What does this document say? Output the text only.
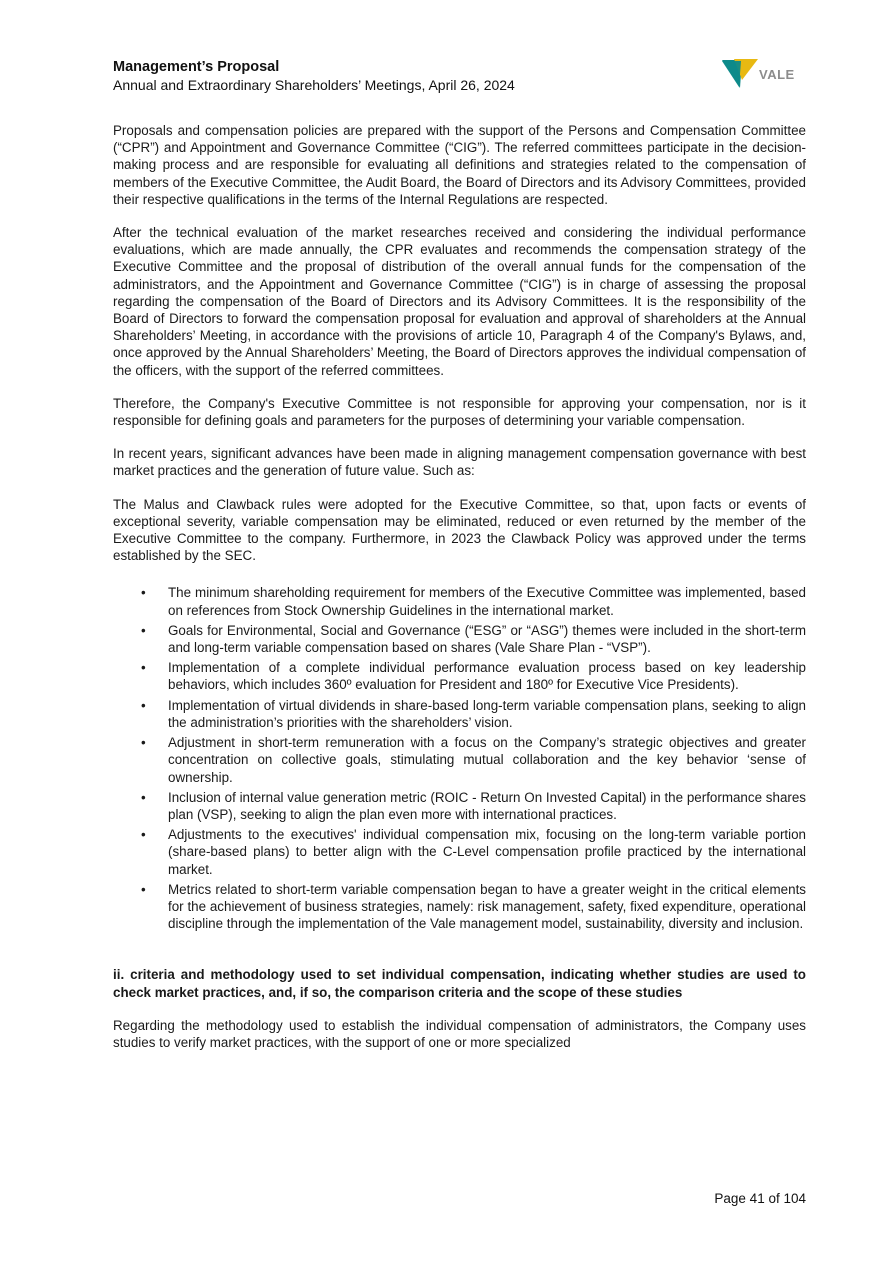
Management’s Proposal
Annual and Extraordinary Shareholders’ Meetings, April 26, 2024
VALE

Proposals and compensation policies are prepared with the support of the Persons and Compensation Committee (“CPR”) and Appointment and Governance Committee (“CIG”). The referred committees participate in the decision-making process and are responsible for evaluating all definitions and strategies related to the compensation of members of the Executive Committee, the Audit Board, the Board of Directors and its Advisory Committees, provided their respective qualifications in the terms of the Internal Regulations are respected.

After the technical evaluation of the market researches received and considering the individual performance evaluations, which are made annually, the CPR evaluates and recommends the compensation strategy of the Executive Committee and the proposal of distribution of the overall annual funds for the compensation of the administrators, and the Appointment and Governance Committee (“CIG”) is in charge of assessing the proposal regarding the compensation of the Board of Directors and its Advisory Committees. It is the responsibility of the Board of Directors to forward the compensation proposal for evaluation and approval of shareholders at the Annual Shareholders’ Meeting, in accordance with the provisions of article 10, Paragraph 4 of the Company's Bylaws, and, once approved by the Annual Shareholders’ Meeting, the Board of Directors approves the individual compensation of the officers, with the support of the referred committees.

Therefore, the Company's Executive Committee is not responsible for approving your compensation, nor is it responsible for defining goals and parameters for the purposes of determining your variable compensation.

In recent years, significant advances have been made in aligning management compensation governance with best market practices and the generation of future value. Such as:

The Malus and Clawback rules were adopted for the Executive Committee, so that, upon facts or events of exceptional severity, variable compensation may be eliminated, reduced or even returned by the member of the Executive Committee to the company. Furthermore, in 2023 the Clawback Policy was approved under the terms established by the SEC.

• The minimum shareholding requirement for members of the Executive Committee was implemented, based on references from Stock Ownership Guidelines in the international market.
• Goals for Environmental, Social and Governance (“ESG” or “ASG”) themes were included in the short-term and long-term variable compensation based on shares (Vale Share Plan - “VSP”).
• Implementation of a complete individual performance evaluation process based on key leadership behaviors, which includes 360º evaluation for President and 180º for Executive Vice Presidents).
• Implementation of virtual dividends in share-based long-term variable compensation plans, seeking to align the administration’s priorities with the shareholders’ vision.
• Adjustment in short-term remuneration with a focus on the Company’s strategic objectives and greater concentration on collective goals, stimulating mutual collaboration and the key behavior ‘sense of ownership.
• Inclusion of internal value generation metric (ROIC - Return On Invested Capital) in the performance shares plan (VSP), seeking to align the plan even more with international practices.
• Adjustments to the executives' individual compensation mix, focusing on the long-term variable portion (share-based plans) to better align with the C-Level compensation profile practiced by the international market.
• Metrics related to short-term variable compensation began to have a greater weight in the critical elements for the achievement of business strategies, namely: risk management, safety, fixed expenditure, operational discipline through the implementation of the Vale management model, sustainability, diversity and inclusion.

ii. criteria and methodology used to set individual compensation, indicating whether studies are used to check market practices, and, if so, the comparison criteria and the scope of these studies

Regarding the methodology used to establish the individual compensation of administrators, the Company uses studies to verify market practices, with the support of one or more specialized

Page 41 of 104
